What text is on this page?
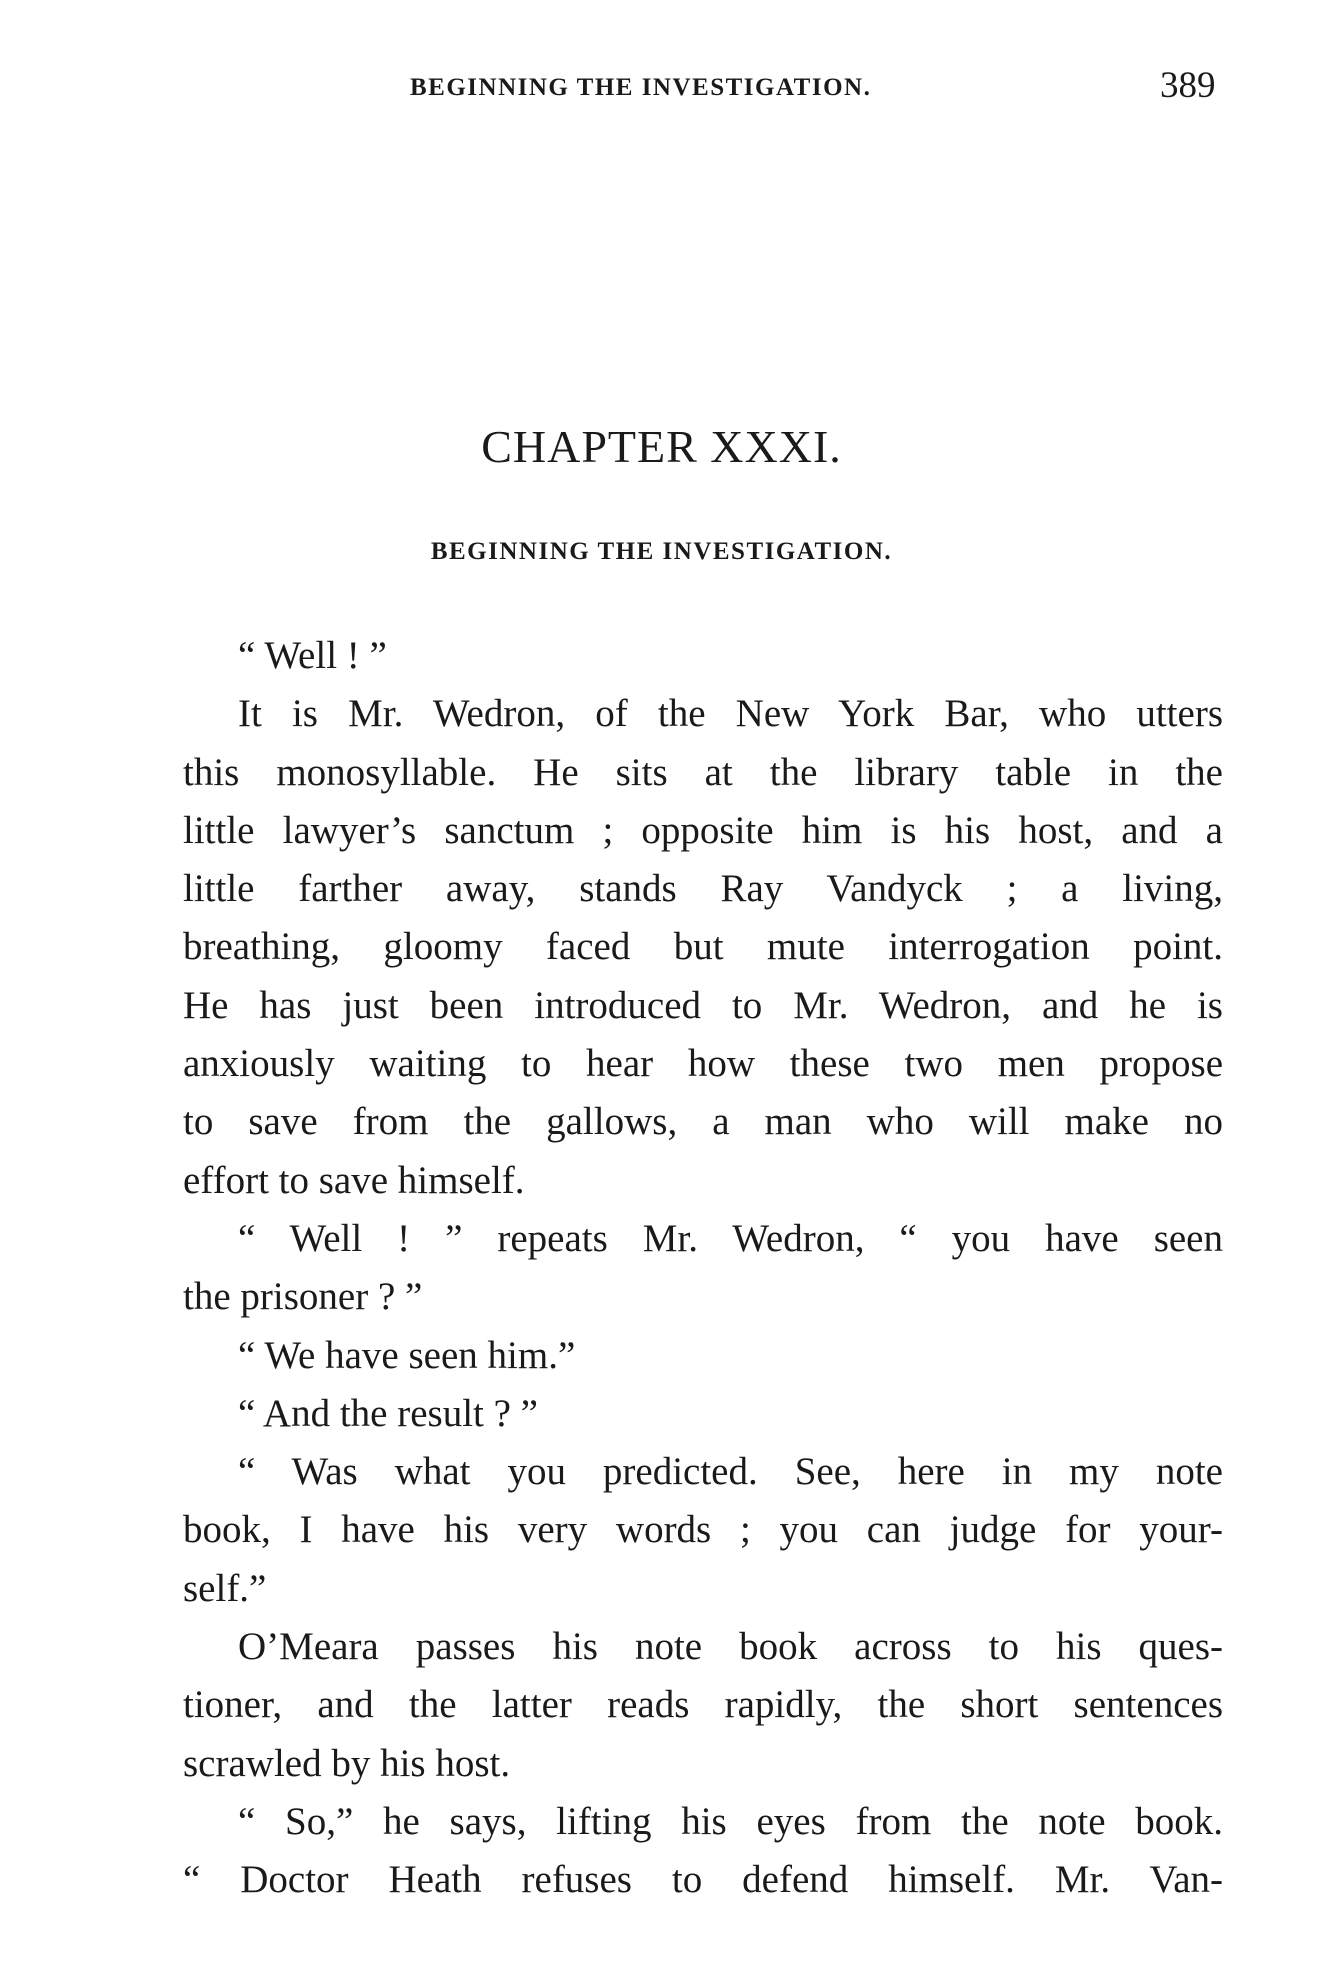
BEGINNING THE INVESTIGATION.	389
CHAPTER XXXI.
BEGINNING THE INVESTIGATION.
“ Well ! ”
It is Mr. Wedron, of the New York Bar, who utters
this monosyllable. He sits at the library table in the
little lawyer’s sanctum ; opposite him is his host, and a
little farther away, stands Ray Vandyck ; a living,
breathing, gloomy faced but mute interrogation point.
He has just been introduced to Mr. Wedron, and he is
anxiously waiting to hear how these two men propose
to save from the gallows, a man who will make no
effort to save himself.
“ Well ! ” repeats Mr. Wedron, “ you have seen
the prisoner ? ”
“ We have seen him.”
“ And the result ? ”
“ Was what you predicted. See, here in my note
book, I have his very words ; you can judge for your-
self.”
O’Meara passes his note book across to his ques-
tioner, and the latter reads rapidly, the short sentences
scrawled by his host.
“ So,” he says, lifting his eyes from the note book.
“ Doctor Heath refuses to defend himself. Mr. Van-
